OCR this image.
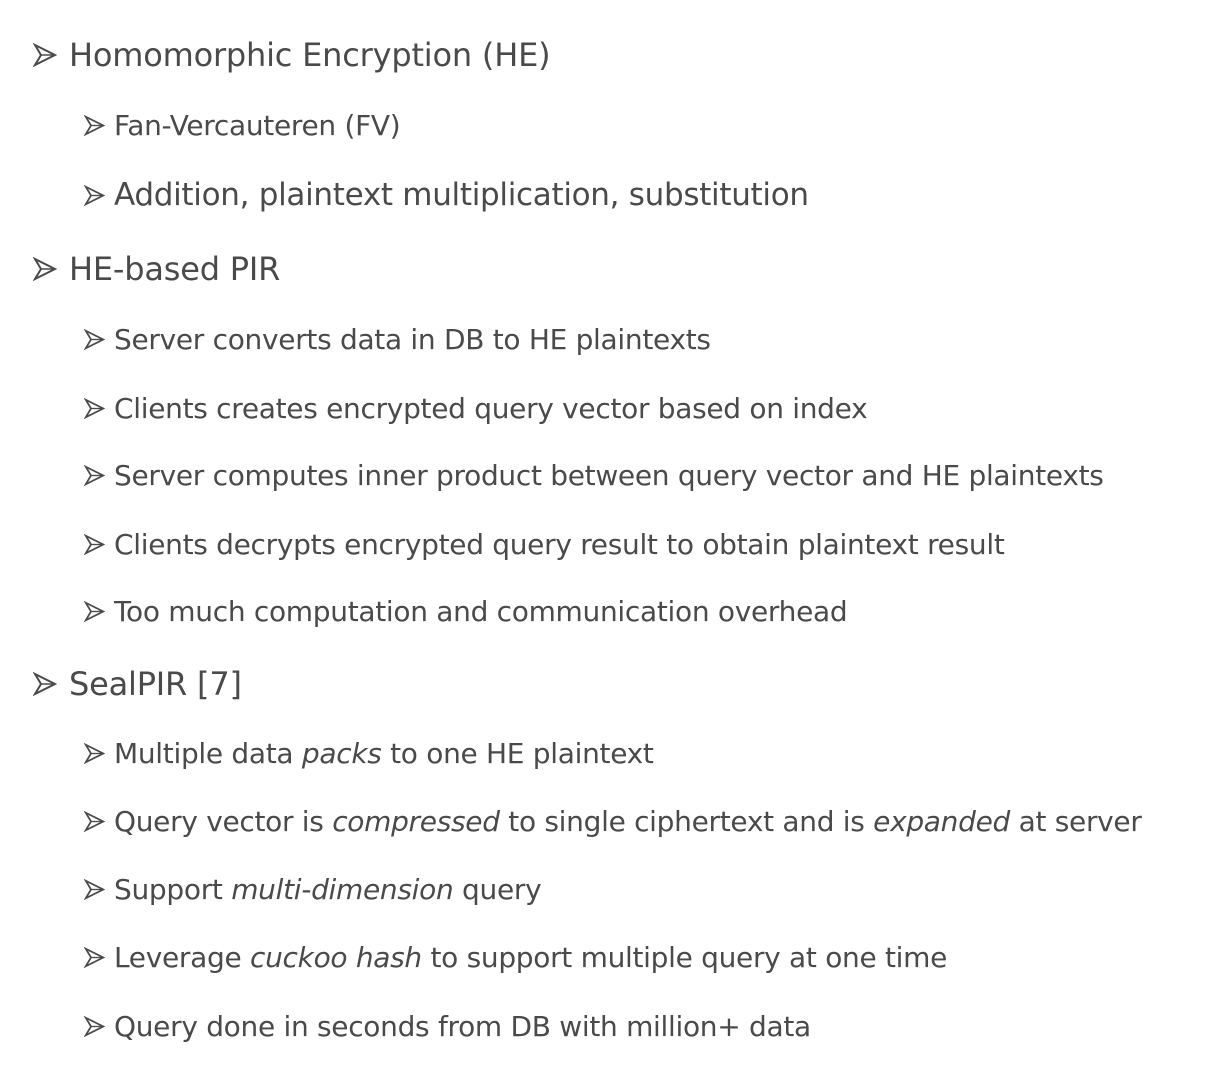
Homomorphic Encryption (HE)
Fan-Vercauteren (FV)
Addition, plaintext multiplication, substitution
HE-based PIR
Server converts data in DB to HE plaintexts
Clients creates encrypted query vector based on index
Server computes inner product between query vector and HE plaintexts
Clients decrypts encrypted query result to obtain plaintext result
Too much computation and communication overhead
SealPIR [7]
Multiple data packs to one HE plaintext
Query vector is compressed to single ciphertext and is expanded at server
Support multi-dimension query
Leverage cuckoo hash to support multiple query at one time
Query done in seconds from DB with million+ data
